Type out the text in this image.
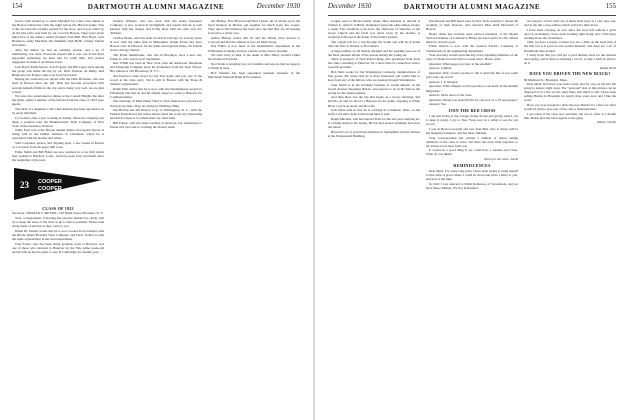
154	DARTMOUTH ALUMNI MAGAZINE	December 1930

Great credit should go to Andy Marshall for a fine class dinner at the Boston University Club the night before the Harvard game. Due to the fact that the weather poured for the boys, and it was called by all the best party ever held by our crowd in Boston. There were about thirty-five at the dinner, which included Tom Bell, Bob Boyd, Jack Brabazon, Andy Marshall, Mo Dunham, Sam Hebb, Johnny Thoms and others.

After the dinner we had an old-time session, and a lot of reminiscing was done. Everyone present felt it was one of the most enjoyable gatherings we have had for some time, and several suggested we make it an annual event.

Jack Boyd, Eddie Moore, Tom Fogarty and Bill Carter were among the group who made the trip by car. Dick Johnson, Al Reilly, Red Burke and Joe Fenton came over from Worcester.

During the week-end we stayed with the Dick Bowman, who has been in Boston since the fall. Dick has become associated with several industrial firms in the city and is doing very well, we are glad to hear.

We were also entertained at dinner at the Cornell Heights Inn after the game, where a number of the fellows from the class of 1923 were guests.

The birth of a daughter to the Clark Rounds has been reported to us by Andy Marshall.

Cy Gordon, after a year working in Johnny Johnson's company, has taken a position with the Manufacturers Trust Company of New York, in the insurance division.

Wally Ford was at the Boston alumni dinner and reports that he is doing well in the lumber business in Cincinnati, where he is associated with his brother and others.

Tom Carpenter, spruce, and clipping sport, a few weeks in Boston as a vacation from his paper mill work.

Eddie Smith and Bill Fisher are now partners in a law firm which they opened in Hartford, Conn., and have been very successful since the beginning of the year.

23 COOPER
COOPER
CLASS OF 1923

Secretary, TRUMAN T. METZEL, 100 Ninth Street, Brooklyn, N. Y.

Your correspondent, following the practice initiated by Andy, will try to keep the news of the class as up to date as possible. Please send along items of interest as they come to you.

Ralph Dr. Palmer writes that he is now located in Providence with the Rhode Island Hospital Trust Company, and Dave Trainer is with the same organization in the bond department.

Chet Foster, who has been doing graduate work at Harvard, was one of those who returned to Hanover for the Yale game week-end and he tells us that he plans to stay in Cambridge for another year.

Charles Whitney, who has been with the Aetna Insurance Company, is now located in Springfield, and reports that he is well pleased with the change and living there with his wife and two children.

Charles Drake, who has been located in Chicago for several years, is now with the same firm in Milwaukee. Ralph Evans and Jerry Bowen were in Hanover for the game and reported many old friends in the Chicago district.

The Frank Sutherlands, who live in Brooklyn, have a new son, Frank Jr., who was born in September.

Red O'Neil has been in New York with the American Telephone and Telegraph Company since his graduation from the Tuck School. His address is 195 Broadway, N. Y. C.

Ted Peterson came down for the Yale game and was one of the crowd at the class party. Ted is still in Boston with the Stone & Webster organization.

Ralph Ellis writes that he is now with the Westinghouse people in Pittsburgh, and that he and his family expect to come to Hanover for Commencement.

The marriage of Miss Helen Ward to Tom Anderson took place in Newton last June. They are living in Wellesley Hills.

Jim Harlow has left Boston to go to Washington, D. C., with the Federal Farm Board. He writes that he finds the work very interesting and that he expects to remain there for some time.

Bill Parker, who has been teaching at Andover, has transferred to Exeter this year and is coaching the hockey team.

Art Bishop, Fred Howard and Bob Lyman, all of whom are in the bond business in Boston, get together for lunch every few weeks. They report that business has been slow but that they are all looking forward to a better year.

Arthur Bishop writes that he and his family have moved to Concord and that the address is now 42 Main Street.

Ray Fuller is now head of the mathematics department at the Wilbraham Academy and has a house on the school grounds.

We were sorry to hear of the death of Mrs. Henry Gould's father last month in Portland.

Ned Tuttle is studying law at Columbia and reports that he expects to finish in June.

Bob Sanders has been appointed assistant treasurer of the Merchants National Bank in Providence.

December 1930	DARTMOUTH ALUMNI MAGAZINE	155

Couple read to Rhode Island where Miss Amanda A. Arnold is Charles G. Akin Jr. is Bride. Nadjesky's leave the same almost twenty a week. The ceremony took place the afternoon of Saturday at the Grace Church and the bride was given away by her brother. A reception followed at the home of the bride's parents.

The couple left for a trip through the South and will be at home after the first of January at Providence.

A large number of old friends attended and the wedding was one of the most pleasant affairs of the season among the young set.

There is prospect of Tuck Robert King, who graduated from Tuck last June, returning to Hanover for a short time in connection with a research problem.

Bob Sims works for the Washington Company, manufacturers of fine goods. He writes that he is most interested and would like to hear from any of the fellows who are passing through Washington.

Chet Smith is in the furniture business at Grand Rapids, in the Grand Avenue Shopping district, and expects to be in the East in the spring for the annual market.

And then there was the trip that began on a snowy morning. Ted had his car and we drove to Hanover for the game, stopping at White River to pick up Andy and his wife.

Jack Dunn tells us that he is working in Columbus, Ohio, on the staff of the Ohio State Journal and likes it well.

Ralph Mitchell, who has been in Paris for the last year studying art, is coming home in the spring. He has had several paintings shown in the Salon.

Howard Lacy is practicing medicine in Springfield and his address is the Professional Building.

Jim Russell and Bill Reed were in New York recently to attend the wedding of Sam Pearson, who married Miss Ruth Howland of Boston.

Henry Allen has recently been elected president of the Mount Vernon Chamber of Commerce. Henry has been active in civic affairs there for several years.

Frank Weston is now with the General Electric Company at Schenectady in the engineering department.

Your secretary would welcome any word regarding members of the class of whom we have had no recent news. Please write.

Question: What keeps you busy at the sawmill?

Answer: Lumber.

Question: Who would you like to tell to hold the line if you could give only one word?

Answer: J. P. Morgan.

Question: What changes would you like to see made in the Alumni Magazine?

Answer: More news of the class.

Question: Would you spend $2.00 for one year of a '23 newspaper?

Answer: Yes.

JOIN THE RED CROSS

I am still living at the cottage, doing chores and giving what I can to keep it going. I got to New York once in a while to see the old crowd.

I was in Boston recently and saw Tom Bell, who is doing well in the insurance business, and has three children.

Your correspondent has written a number of letters asking members of the class to write, but there has been little response so far. Please let us hear from you.

It would be a good thing if we could have a reunion next June. What do you think?

Yours for the class, JACK

REMINISCENCES

Dear Metz: For some long years I have been trying to bring myself to that state of grace where I could sit down and write a letter to you, and now is the time.

In 1922 I was married to Edith Robinson, of Woodstock, and we have three children. We live in Rutland.

not much to it, but with one of them, little stays is a very new one, and in the fall a new edition which will tell a little more.

I have been carrying on ever since the boys left without a great deal of excitement. I have been working right along, and I still enjoy reading about my classmates.

Well, we have a house, so there you are, a little on the back side of the hill, but it is good in and around Rutland, and there are a lot of Dartmouth men around.

I really hope that you will get a good number back for the reunion next spring, and if there is anything I can do to help I shall be glad to do it.

Ralph Wells

HAVE YOU DRIVEN THE NEW BUICK?

80 Madison St., Brooklyn, Mass.

Dear Metz: Received your letter today, and for once in my life I'm going to answer right away. The "personal" side of this picture can be disposed of in a few words, since there isn't much to tell. I have been selling Buicks in Brooklyn for nearly three years now, and I like the work.

Have you ever stopped to drive the new Buick? It's a fine car and I would be glad to give any of the class a demonstration.

I see some of the class now and then, but not as often as I should like. Please give my best regards to the gang.

Sidney Cloudy
